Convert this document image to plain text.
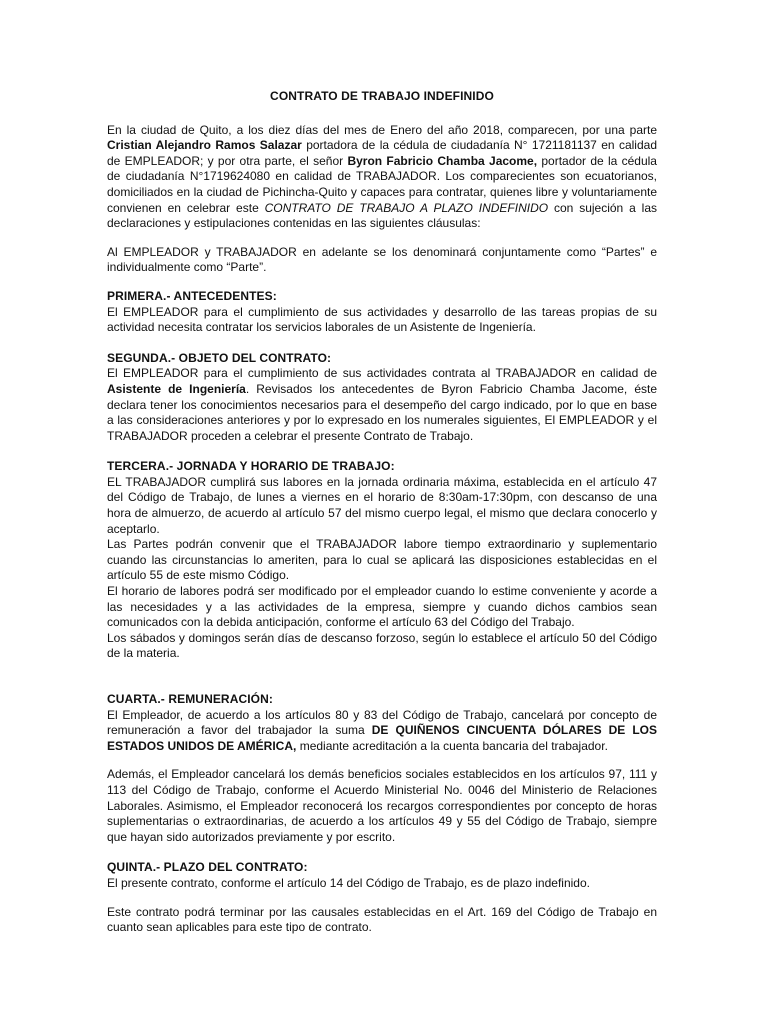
CONTRATO DE TRABAJO INDEFINIDO

En la ciudad de Quito, a los diez días del mes de Enero del año 2018, comparecen, por una parte Cristian Alejandro Ramos Salazar portadora de la cédula de ciudadanía N° 1721181137 en calidad de EMPLEADOR; y por otra parte, el señor Byron Fabricio Chamba Jacome, portador de la cédula de ciudadanía N°1719624080 en calidad de TRABAJADOR. Los comparecientes son ecuatorianos, domiciliados en la ciudad de Pichincha-Quito y capaces para contratar, quienes libre y voluntariamente convienen en celebrar este CONTRATO DE TRABAJO A PLAZO INDEFINIDO con sujeción a las declaraciones y estipulaciones contenidas en las siguientes cláusulas:

Al EMPLEADOR y TRABAJADOR en adelante se los denominará conjuntamente como “Partes” e individualmente como “Parte”.

PRIMERA.- ANTECEDENTES:

El EMPLEADOR para el cumplimiento de sus actividades y desarrollo de las tareas propias de su actividad necesita contratar los servicios laborales de un Asistente de Ingeniería.

SEGUNDA.- OBJETO DEL CONTRATO:

El EMPLEADOR para el cumplimiento de sus actividades contrata al TRABAJADOR en calidad de Asistente de Ingeniería. Revisados los antecedentes de Byron Fabricio Chamba Jacome, éste declara tener los conocimientos necesarios para el desempeño del cargo indicado, por lo que en base a las consideraciones anteriores y por lo expresado en los numerales siguientes, El EMPLEADOR y el TRABAJADOR proceden a celebrar el presente Contrato de Trabajo.

TERCERA.- JORNADA Y HORARIO DE TRABAJO:

EL TRABAJADOR cumplirá sus labores en la jornada ordinaria máxima, establecida en el artículo 47 del Código de Trabajo, de lunes a viernes en el horario de 8:30am-17:30pm, con descanso de una hora de almuerzo, de acuerdo al artículo 57 del mismo cuerpo legal, el mismo que declara conocerlo y aceptarlo.

Las Partes podrán convenir que el TRABAJADOR labore tiempo extraordinario y suplementario cuando las circunstancias lo ameriten, para lo cual se aplicará las disposiciones establecidas en el artículo 55 de este mismo Código.

El horario de labores podrá ser modificado por el empleador cuando lo estime conveniente y acorde a las necesidades y a las actividades de la empresa, siempre y cuando dichos cambios sean comunicados con la debida anticipación, conforme el artículo 63 del Código del Trabajo.

Los sábados y domingos serán días de descanso forzoso, según lo establece el artículo 50 del Código de la materia.

CUARTA.- REMUNERACIÓN:

El Empleador, de acuerdo a los artículos 80 y 83 del Código de Trabajo, cancelará por concepto de remuneración a favor del trabajador la suma DE QUIÑENOS CINCUENTA DÓLARES DE LOS ESTADOS UNIDOS DE AMÉRICA, mediante acreditación a la cuenta bancaria del trabajador.

Además, el Empleador cancelará los demás beneficios sociales establecidos en los artículos 97, 111 y 113 del Código de Trabajo, conforme el Acuerdo Ministerial No. 0046 del Ministerio de Relaciones Laborales. Asimismo, el Empleador reconocerá los recargos correspondientes por concepto de horas suplementarias o extraordinarias, de acuerdo a los artículos 49 y 55 del Código de Trabajo, siempre que hayan sido autorizados previamente y por escrito.

QUINTA.- PLAZO DEL CONTRATO:

El presente contrato, conforme el artículo 14 del Código de Trabajo, es de plazo indefinido.

Este contrato podrá terminar por las causales establecidas en el Art. 169 del Código de Trabajo en cuanto sean aplicables para este tipo de contrato.
